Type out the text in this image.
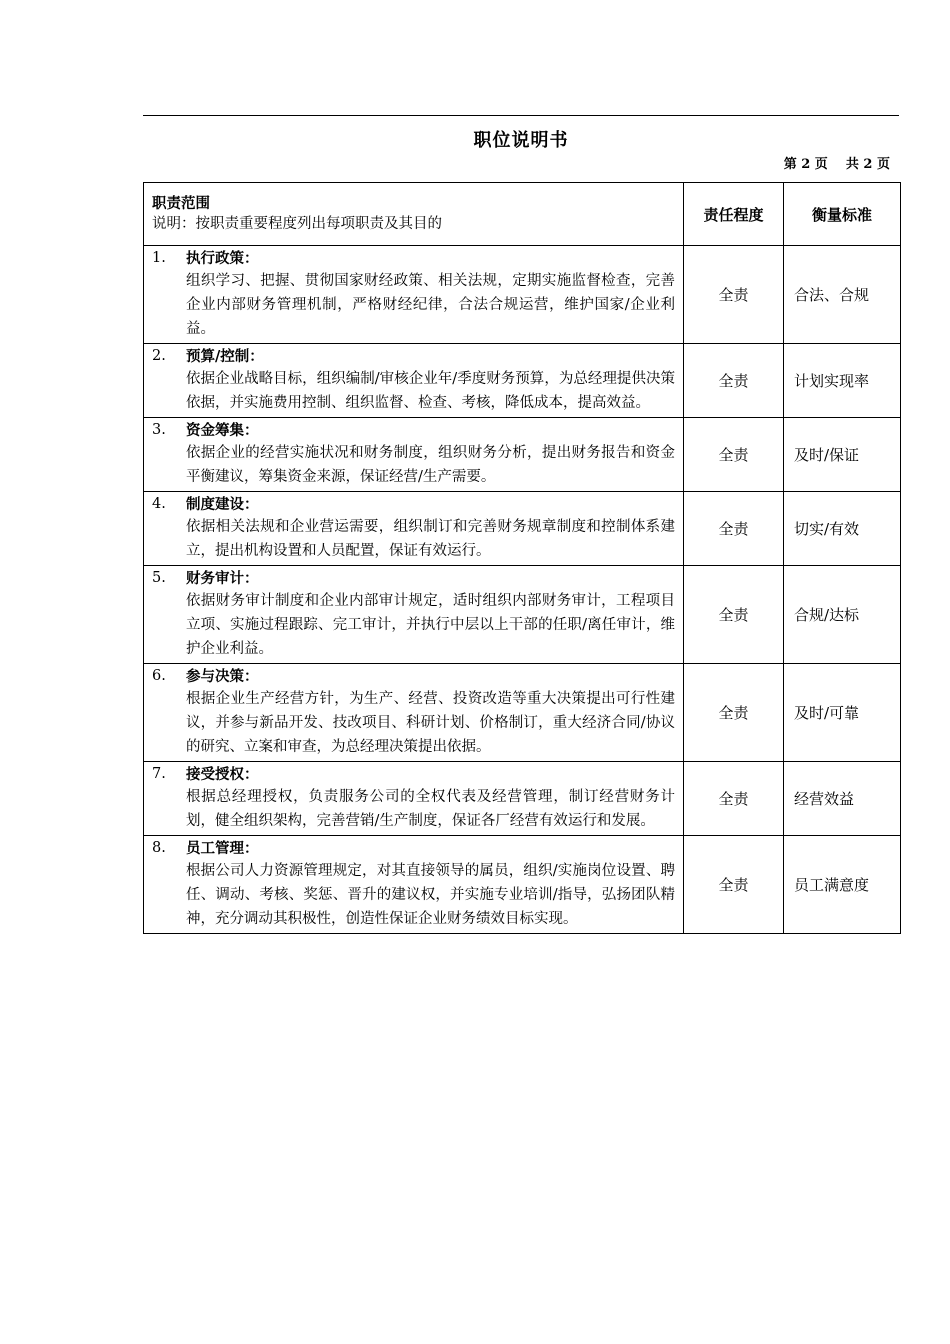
职位说明书
第 2 页    共 2 页
职责范围
说明：按职责重要程度列出每项职责及其目的	责任程度	衡量标准

1. 执行政策：
组织学习、把握、贯彻国家财经政策、相关法规，定期实施监督检查，完善企业内部财务管理机制，严格财经纪律，合法合规运营，维护国家/企业利益。	全责	合法、合规

2. 预算/控制：
依据企业战略目标，组织编制/审核企业年/季度财务预算，为总经理提供决策依据，并实施费用控制、组织监督、检查、考核，降低成本，提高效益。	全责	计划实现率

3. 资金筹集：
依据企业的经营实施状况和财务制度，组织财务分析，提出财务报告和资金平衡建议，筹集资金来源，保证经营/生产需要。	全责	及时/保证

4. 制度建设：
依据相关法规和企业营运需要，组织制订和完善财务规章制度和控制体系建立，提出机构设置和人员配置，保证有效运行。	全责	切实/有效

5. 财务审计：
依据财务审计制度和企业内部审计规定，适时组织内部财务审计，工程项目立项、实施过程跟踪、完工审计，并执行中层以上干部的任职/离任审计，维护企业利益。	全责	合规/达标

6. 参与决策：
根据企业生产经营方针，为生产、经营、投资改造等重大决策提出可行性建议，并参与新品开发、技改项目、科研计划、价格制订，重大经济合同/协议的研究、立案和审查，为总经理决策提出依据。	全责	及时/可靠

7. 接受授权：
根据总经理授权，负责服务公司的全权代表及经营管理，制订经营财务计划，健全组织架构，完善营销/生产制度，保证各厂经营有效运行和发展。	全责	经营效益

8. 员工管理：
根据公司人力资源管理规定，对其直接领导的属员，组织/实施岗位设置、聘任、调动、考核、奖惩、晋升的建议权，并实施专业培训/指导，弘扬团队精神，充分调动其积极性，创造性保证企业财务绩效目标实现。	全责	员工满意度
